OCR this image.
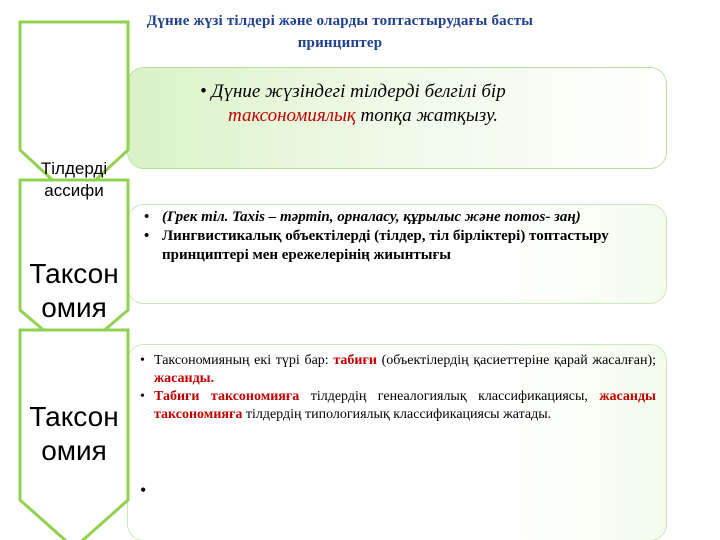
Дүние жүзі тілдері және оларды топтастырудағы басты
принциптер
Тілдерді
ассифи
Таксон
омия
Таксон
омия
• Дүние жүзіндегі тілдерді белгілі бір
таксономиялық топқа жатқызу.
• (Грек тіл. Taxis – тәртіп, орналасу, құрылыс және nomos- заң)
• Лингвистикалық объектілерді (тілдер, тіл бірліктері) топтастыру принциптері мен ережелерінің жиынтығы
• Таксономияның екі түрі бар: табиғи (объектілердің қасиеттеріне қарай жасалған); жасанды.
• Табиғи таксономияға тілдердің генеалогиялық классификациясы, жасанды таксономияға тілдердің типологиялық классификациясы жатады.
•
